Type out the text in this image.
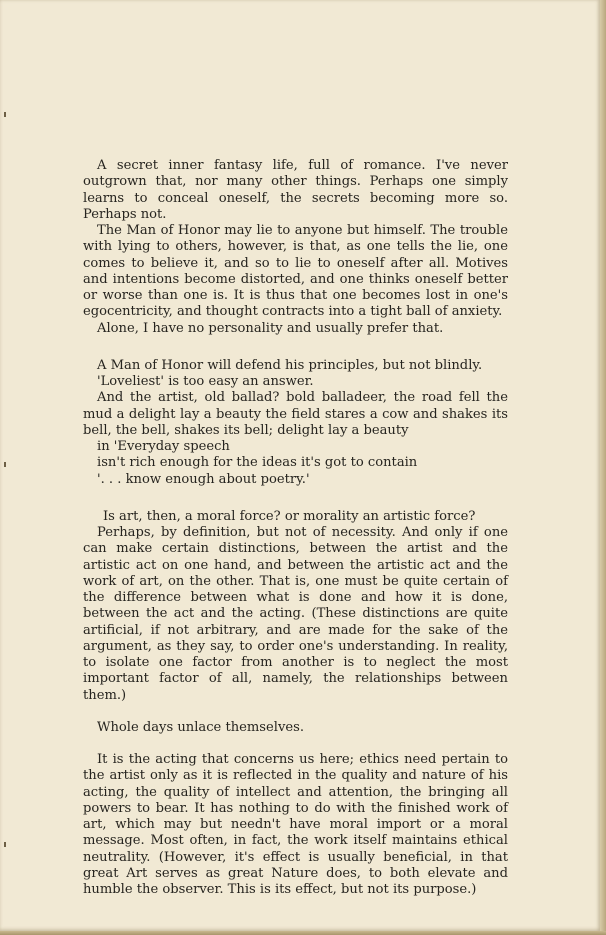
A secret inner fantasy life, full of romance. I've never outgrown that, nor many other things. Perhaps one simply learns to conceal oneself, the secrets becoming more so. Perhaps not.

The Man of Honor may lie to anyone but himself. The trouble with lying to others, however, is that, as one tells the lie, one comes to believe it, and so to lie to oneself after all. Motives and intentions become distorted, and one thinks oneself better or worse than one is. It is thus that one becomes lost in one's egocentricity, and thought contracts into a tight ball of anxiety.

Alone, I have no personality and usually prefer that.

A Man of Honor will defend his principles, but not blindly.

'Loveliest' is too easy an answer.

And the artist, old ballad? bold balladeer, the road fell the mud a delight lay a beauty the field stares a cow and shakes its bell, the bell, shakes its bell; delight lay a beauty

in 'Everyday speech

isn't rich enough for the ideas it's got to contain

'. . . know enough about poetry.'

Is art, then, a moral force? or morality an artistic force?

Perhaps, by definition, but not of necessity. And only if one can make certain distinctions, between the artist and the artistic act on one hand, and between the artistic act and the work of art, on the other. That is, one must be quite certain of the difference between what is done and how it is done, between the act and the acting. (These distinctions are quite artificial, if not arbitrary, and are made for the sake of the argument, as they say, to order one's understanding. In reality, to isolate one factor from another is to neglect the most important factor of all, namely, the relationships between them.)

Whole days unlace themselves.

It is the acting that concerns us here; ethics need pertain to the artist only as it is reflected in the quality and nature of his acting, the quality of intellect and attention, the bringing all powers to bear. It has nothing to do with the finished work of art, which may but needn't have moral import or a moral message. Most often, in fact, the work itself maintains ethical neutrality. (However, it's effect is usually beneficial, in that great Art serves as great Nature does, to both elevate and humble the observer. This is its effect, but not its purpose.)
